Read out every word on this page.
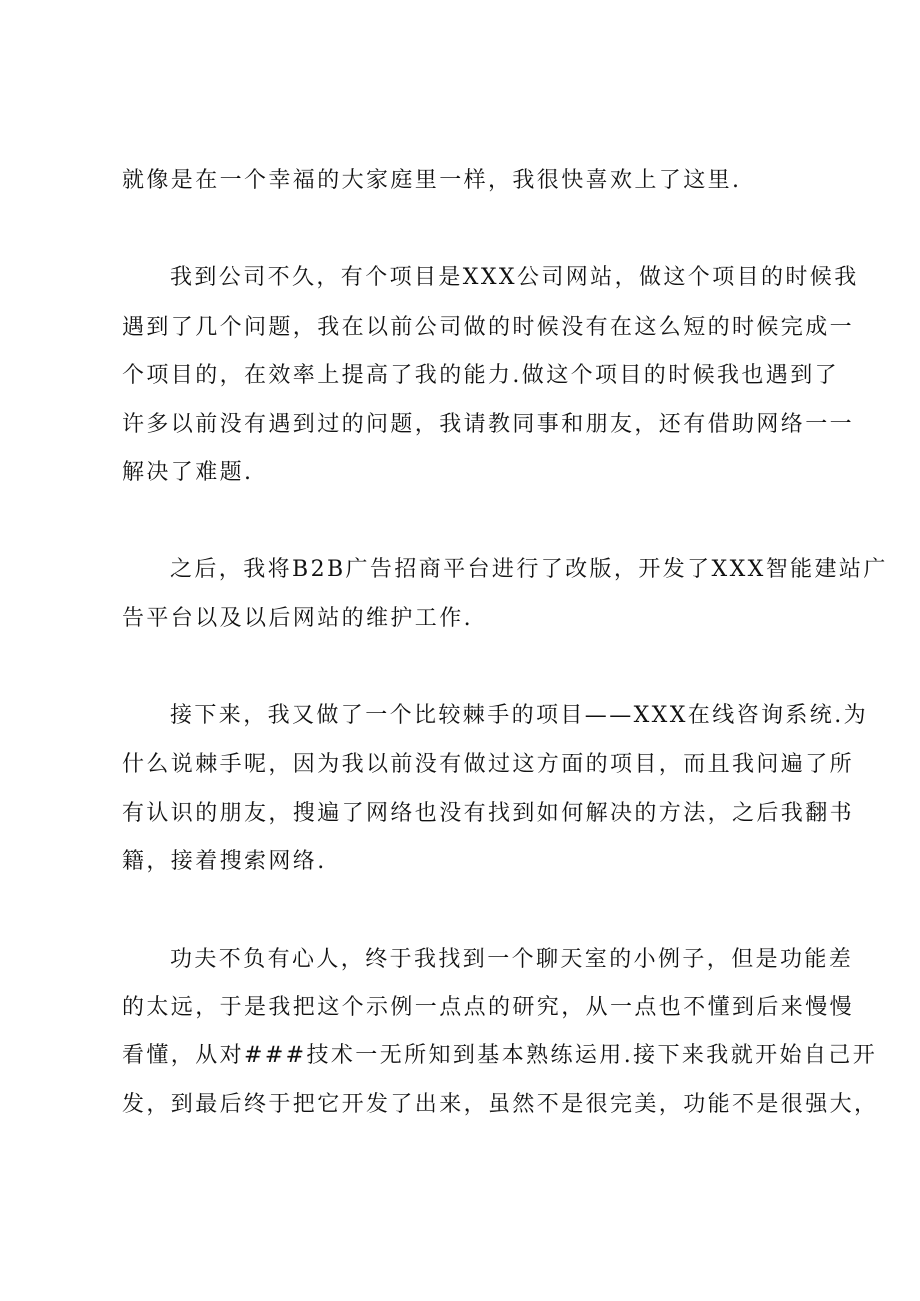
就像是在一个幸福的大家庭里一样，我很快喜欢上了这里.
我到公司不久，有个项目是XXX公司网站，做这个项目的时候我
遇到了几个问题，我在以前公司做的时候没有在这么短的时候完成一
个项目的，在效率上提高了我的能力.做这个项目的时候我也遇到了
许多以前没有遇到过的问题，我请教同事和朋友，还有借助网络一一
解决了难题.
之后，我将B2B广告招商平台进行了改版，开发了XXX智能建站广
告平台以及以后网站的维护工作.
接下来，我又做了一个比较棘手的项目——XXX在线咨询系统.为
什么说棘手呢，因为我以前没有做过这方面的项目，而且我问遍了所
有认识的朋友，搜遍了网络也没有找到如何解决的方法，之后我翻书
籍，接着搜索网络.
功夫不负有心人，终于我找到一个聊天室的小例子，但是功能差
的太远，于是我把这个示例一点点的研究，从一点也不懂到后来慢慢
看懂，从对###技术一无所知到基本熟练运用.接下来我就开始自己开
发，到最后终于把它开发了出来，虽然不是很完美，功能不是很强大，
